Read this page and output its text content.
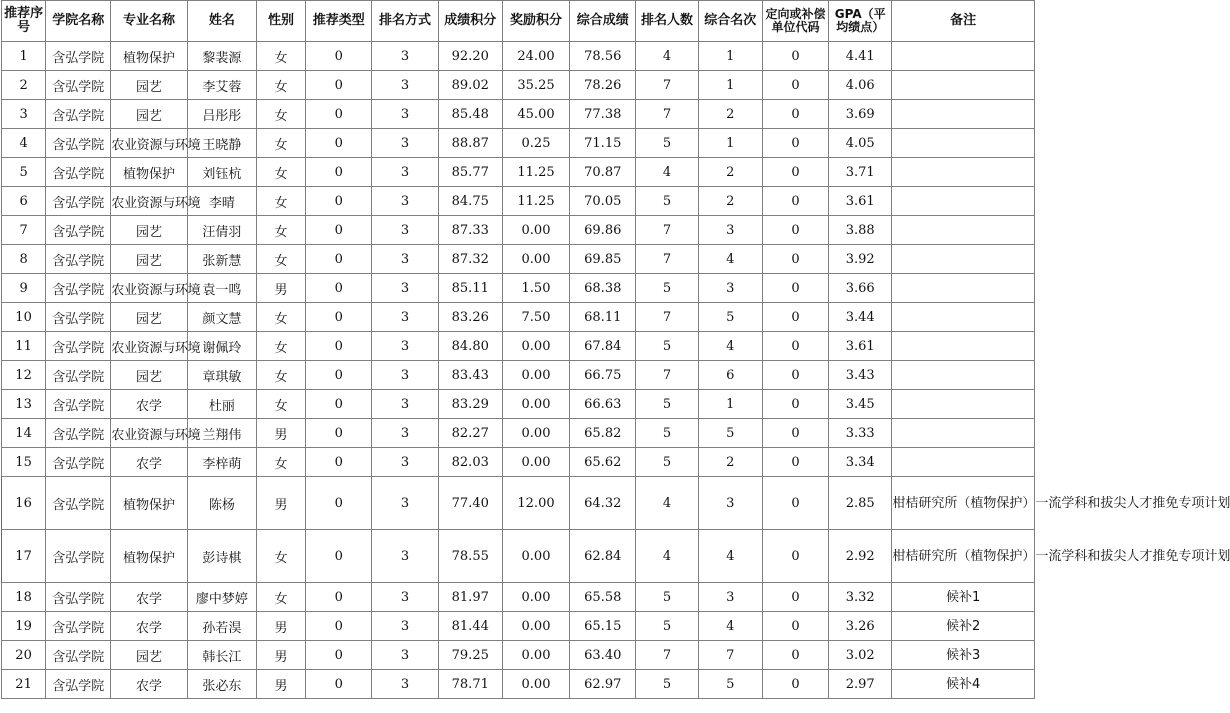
推荐序号	学院名称	专业名称	姓名	性别	推荐类型	排名方式	成绩积分	奖励积分	综合成绩	排名人数	综合名次	定向或补偿单位代码	GPA（平均绩点）	备注
1	含弘学院	植物保护	黎裴源	女	0	3	92.20	24.00	78.56	4	1	0	4.41	
2	含弘学院	园艺	李艾蓉	女	0	3	89.02	35.25	78.26	7	1	0	4.06	
3	含弘学院	园艺	吕彤彤	女	0	3	85.48	45.00	77.38	7	2	0	3.69	
4	含弘学院	农业资源与环境	王晓静	女	0	3	88.87	0.25	71.15	5	1	0	4.05	
5	含弘学院	植物保护	刘钰杭	女	0	3	85.77	11.25	70.87	4	2	0	3.71	
6	含弘学院	农业资源与环境	李晴	女	0	3	84.75	11.25	70.05	5	2	0	3.61	
7	含弘学院	园艺	汪倩羽	女	0	3	87.33	0.00	69.86	7	3	0	3.88	
8	含弘学院	园艺	张新慧	女	0	3	87.32	0.00	69.85	7	4	0	3.92	
9	含弘学院	农业资源与环境	袁一鸣	男	0	3	85.11	1.50	68.38	5	3	0	3.66	
10	含弘学院	园艺	颜文慧	女	0	3	83.26	7.50	68.11	7	5	0	3.44	
11	含弘学院	农业资源与环境	谢佩玲	女	0	3	84.80	0.00	67.84	5	4	0	3.61	
12	含弘学院	园艺	章琪敏	女	0	3	83.43	0.00	66.75	7	6	0	3.43	
13	含弘学院	农学	杜丽	女	0	3	83.29	0.00	66.63	5	1	0	3.45	
14	含弘学院	农业资源与环境	兰翔伟	男	0	3	82.27	0.00	65.82	5	5	0	3.33	
15	含弘学院	农学	李梓萌	女	0	3	82.03	0.00	65.62	5	2	0	3.34	
16	含弘学院	植物保护	陈杨	男	0	3	77.40	12.00	64.32	4	3	0	2.85	柑桔研究所（植物保护）一流学科和拔尖人才推免专项计划
17	含弘学院	植物保护	彭诗棋	女	0	3	78.55	0.00	62.84	4	4	0	2.92	柑桔研究所（植物保护）一流学科和拔尖人才推免专项计划
18	含弘学院	农学	廖中梦婷	女	0	3	81.97	0.00	65.58	5	3	0	3.32	候补1
19	含弘学院	农学	孙若淏	男	0	3	81.44	0.00	65.15	5	4	0	3.26	候补2
20	含弘学院	园艺	韩长江	男	0	3	79.25	0.00	63.40	7	7	0	3.02	候补3
21	含弘学院	农学	张必东	男	0	3	78.71	0.00	62.97	5	5	0	2.97	候补4
